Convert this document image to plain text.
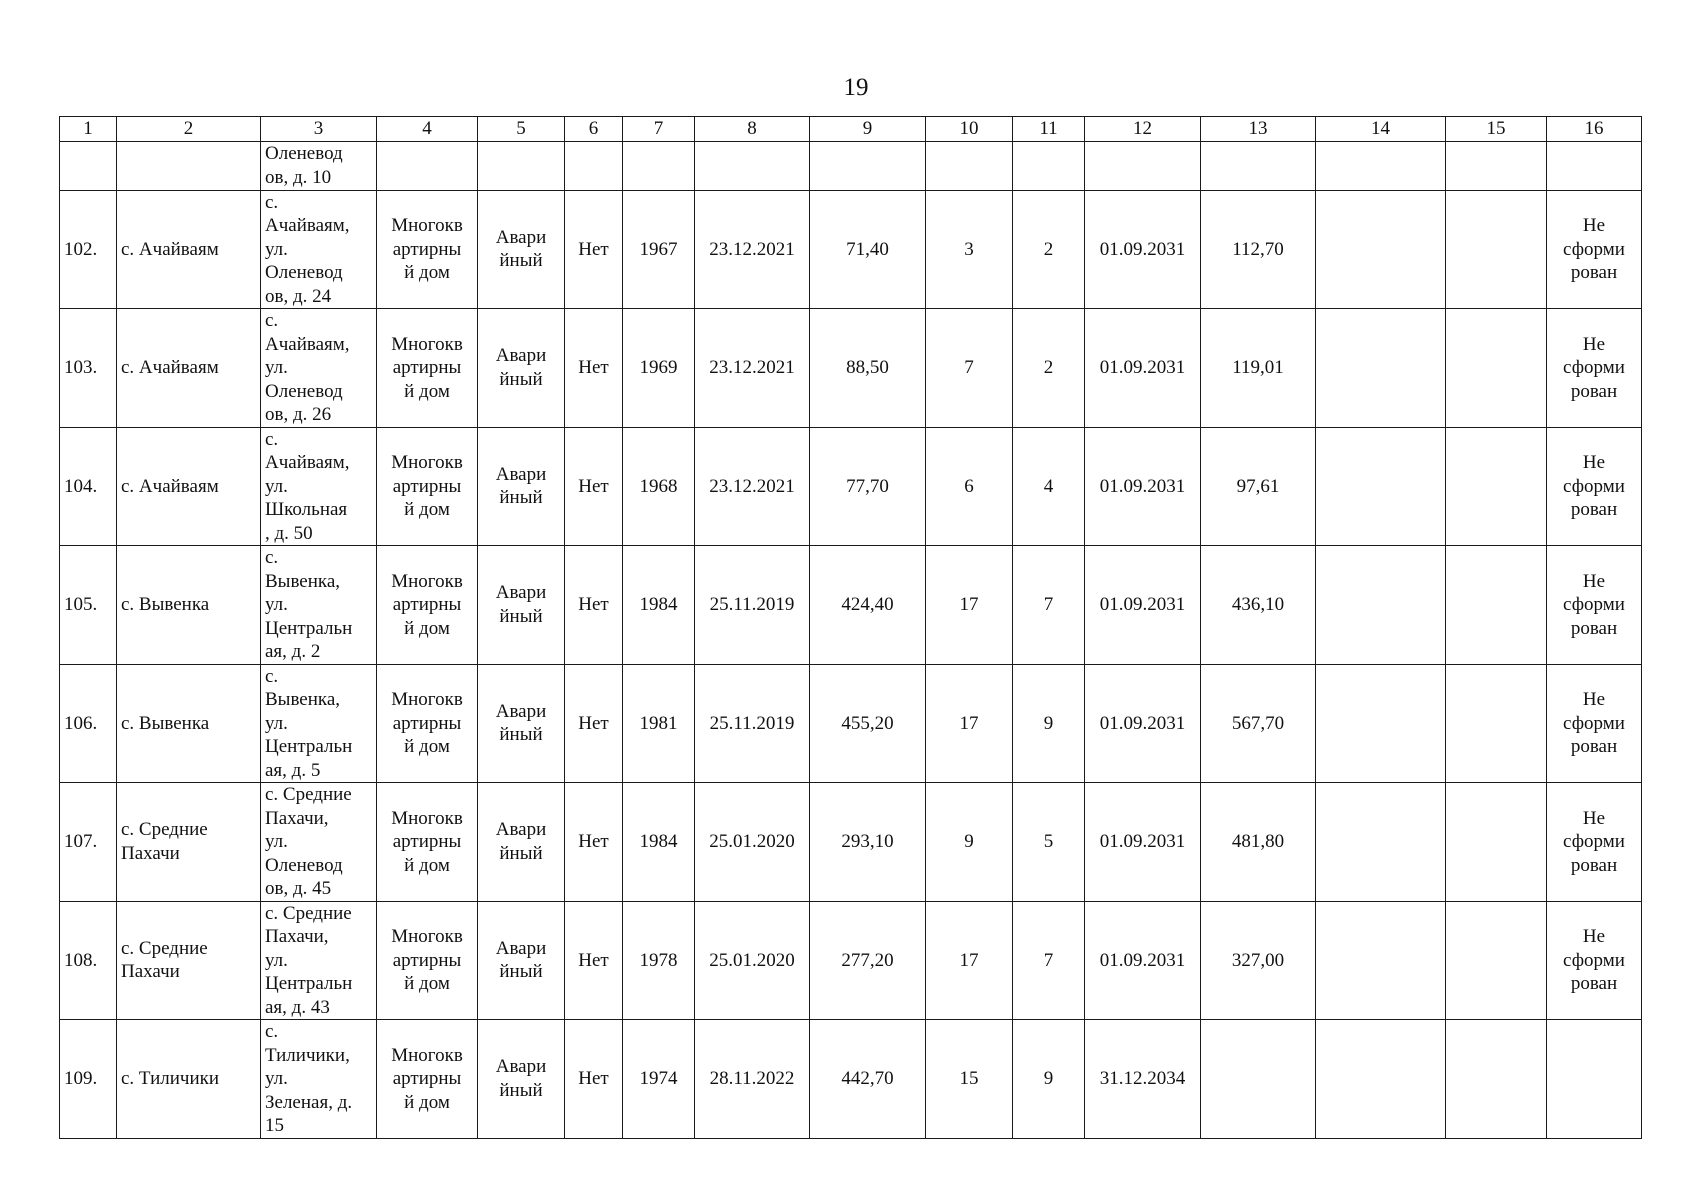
19
1	2	3	4	5	6	7	8	9	10	11	12	13	14	15	16
		Оленевод
ов, д. 10													
102.	с. Ачайваям	с.
Ачайваям,
ул.
Оленевод
ов, д. 24	Многокв
артирны
й дом	Авари
йный	Нет	1967	23.12.2021	71,40	3	2	01.09.2031	112,70			Не
сформи
рован
103.	с. Ачайваям	с.
Ачайваям,
ул.
Оленевод
ов, д. 26	Многокв
артирны
й дом	Авари
йный	Нет	1969	23.12.2021	88,50	7	2	01.09.2031	119,01			Не
сформи
рован
104.	с. Ачайваям	с.
Ачайваям,
ул.
Школьная
, д. 50	Многокв
артирны
й дом	Авари
йный	Нет	1968	23.12.2021	77,70	6	4	01.09.2031	97,61			Не
сформи
рован
105.	с. Вывенка	с.
Вывенка,
ул.
Центральн
ая, д. 2	Многокв
артирны
й дом	Авари
йный	Нет	1984	25.11.2019	424,40	17	7	01.09.2031	436,10			Не
сформи
рован
106.	с. Вывенка	с.
Вывенка,
ул.
Центральн
ая, д. 5	Многокв
артирны
й дом	Авари
йный	Нет	1981	25.11.2019	455,20	17	9	01.09.2031	567,70			Не
сформи
рован
107.	с. Средние
Пахачи	с. Средние
Пахачи,
ул.
Оленевод
ов, д. 45	Многокв
артирны
й дом	Авари
йный	Нет	1984	25.01.2020	293,10	9	5	01.09.2031	481,80			Не
сформи
рован
108.	с. Средние
Пахачи	с. Средние
Пахачи,
ул.
Центральн
ая, д. 43	Многокв
артирны
й дом	Авари
йный	Нет	1978	25.01.2020	277,20	17	7	01.09.2031	327,00			Не
сформи
рован
109.	с. Тиличики	с.
Тиличики,
ул.
Зеленая, д.
15	Многокв
артирны
й дом	Авари
йный	Нет	1974	28.11.2022	442,70	15	9	31.12.2034				
